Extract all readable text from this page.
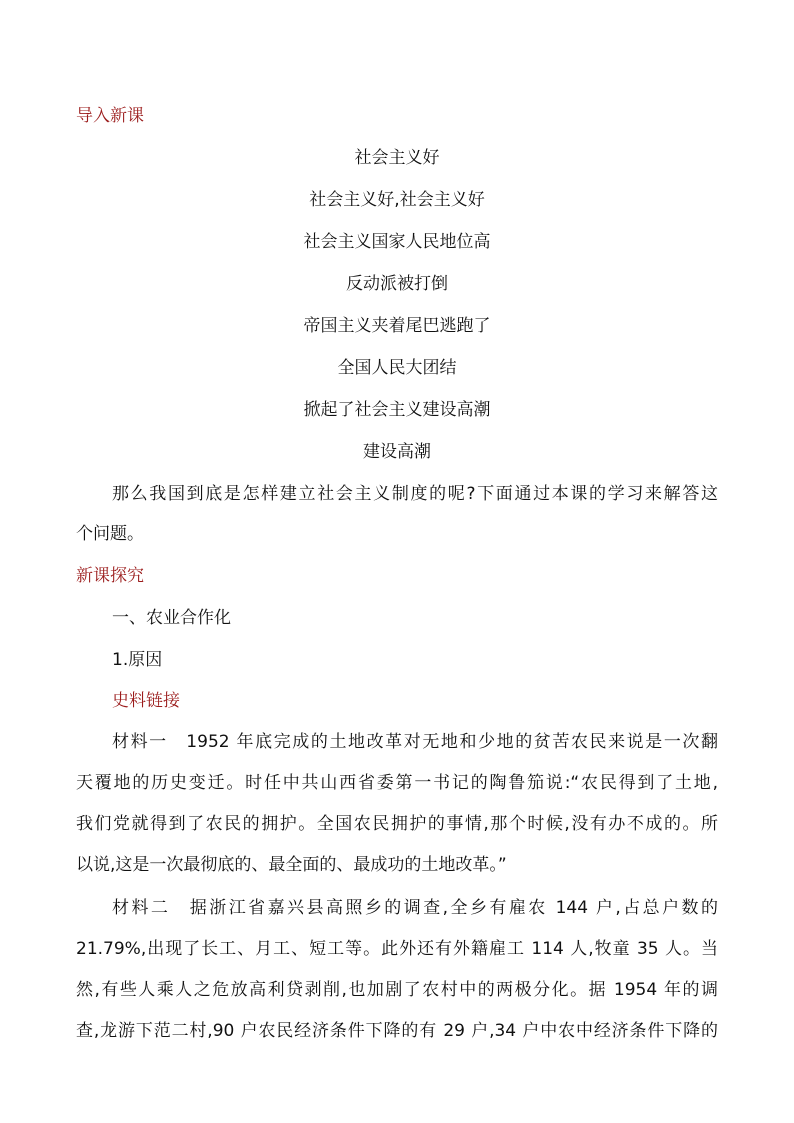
导入新课
社会主义好
社会主义好,社会主义好
社会主义国家人民地位高
反动派被打倒
帝国主义夹着尾巴逃跑了
全国人民大团结
掀起了社会主义建设高潮
建设高潮
那么我国到底是怎样建立社会主义制度的呢?下面通过本课的学习来解答这
个问题。
新课探究
一、农业合作化
1.原因
史料链接
材料一　1952 年底完成的土地改革对无地和少地的贫苦农民来说是一次翻
天覆地的历史变迁。时任中共山西省委第一书记的陶鲁笳说:“农民得到了土地,
我们党就得到了农民的拥护。全国农民拥护的事情,那个时候,没有办不成的。所
以说,这是一次最彻底的、最全面的、最成功的土地改革。”
材料二　据浙江省嘉兴县高照乡的调查,全乡有雇农 144 户,占总户数的
21.79%,出现了长工、月工、短工等。此外还有外籍雇工 114 人,牧童 35 人。当
然,有些人乘人之危放高利贷剥削,也加剧了农村中的两极分化。据 1954 年的调
查,龙游下范二村,90 户农民经济条件下降的有 29 户,34 户中农中经济条件下降的
